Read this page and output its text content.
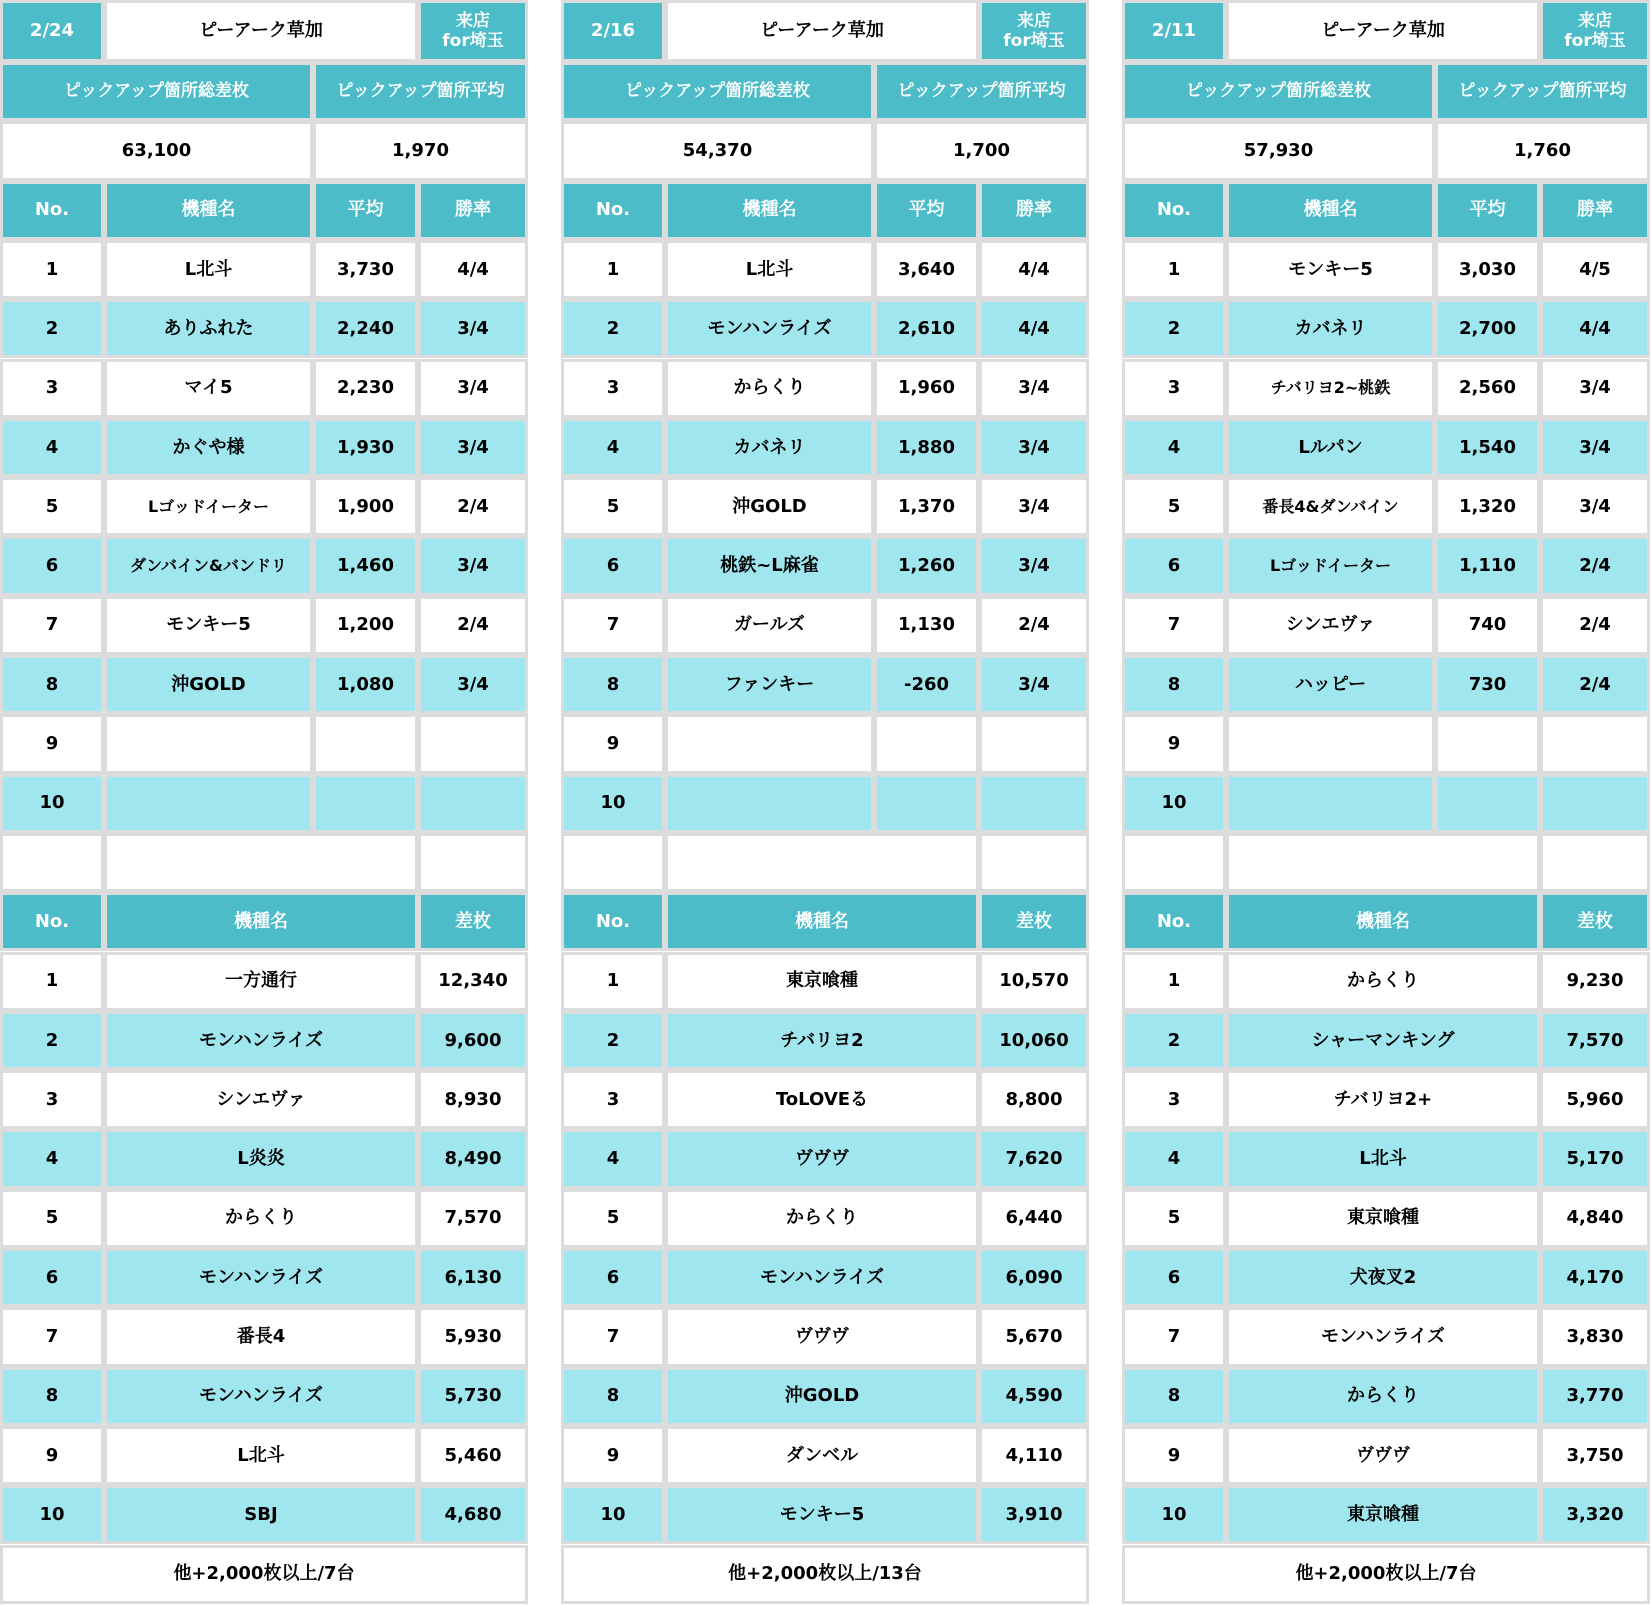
2/24	ピーアーク草加	来店
for埼玉
ピックアップ箇所総差枚	ピックアップ箇所平均
63,100	1,970
No.	機種名	平均	勝率
1	L北斗	3,730	4/4
2	ありふれた	2,240	3/4
3	マイ5	2,230	3/4
4	かぐや様	1,930	3/4
5	Lゴッドイーター	1,900	2/4
6	ダンバイン&バンドリ	1,460	3/4
7	モンキー5	1,200	2/4
8	沖GOLD	1,080	3/4
9
10
No.	機種名	差枚
1	一方通行	12,340
2	モンハンライズ	9,600
3	シンエヴァ	8,930
4	L炎炎	8,490
5	からくり	7,570
6	モンハンライズ	6,130
7	番長4	5,930
8	モンハンライズ	5,730
9	L北斗	5,460
10	SBJ	4,680
他+2,000枚以上/7台
2/16	ピーアーク草加	来店
for埼玉
ピックアップ箇所総差枚	ピックアップ箇所平均
54,370	1,700
No.	機種名	平均	勝率
1	L北斗	3,640	4/4
2	モンハンライズ	2,610	4/4
3	からくり	1,960	3/4
4	カバネリ	1,880	3/4
5	沖GOLD	1,370	3/4
6	桃鉄~L麻雀	1,260	3/4
7	ガールズ	1,130	2/4
8	ファンキー	-260	3/4
9
10
No.	機種名	差枚
1	東京喰種	10,570
2	チバリヨ2	10,060
3	ToLOVEる	8,800
4	ヴヴヴ	7,620
5	からくり	6,440
6	モンハンライズ	6,090
7	ヴヴヴ	5,670
8	沖GOLD	4,590
9	ダンベル	4,110
10	モンキー5	3,910
他+2,000枚以上/13台
2/11	ピーアーク草加	来店
for埼玉
ピックアップ箇所総差枚	ピックアップ箇所平均
57,930	1,760
No.	機種名	平均	勝率
1	モンキー5	3,030	4/5
2	カバネリ	2,700	4/4
3	チバリヨ2~桃鉄	2,560	3/4
4	Lルパン	1,540	3/4
5	番長4&ダンバイン	1,320	3/4
6	Lゴッドイーター	1,110	2/4
7	シンエヴァ	740	2/4
8	ハッピー	730	2/4
9
10
No.	機種名	差枚
1	からくり	9,230
2	シャーマンキング	7,570
3	チバリヨ2+	5,960
4	L北斗	5,170
5	東京喰種	4,840
6	犬夜叉2	4,170
7	モンハンライズ	3,830
8	からくり	3,770
9	ヴヴヴ	3,750
10	東京喰種	3,320
他+2,000枚以上/7台
